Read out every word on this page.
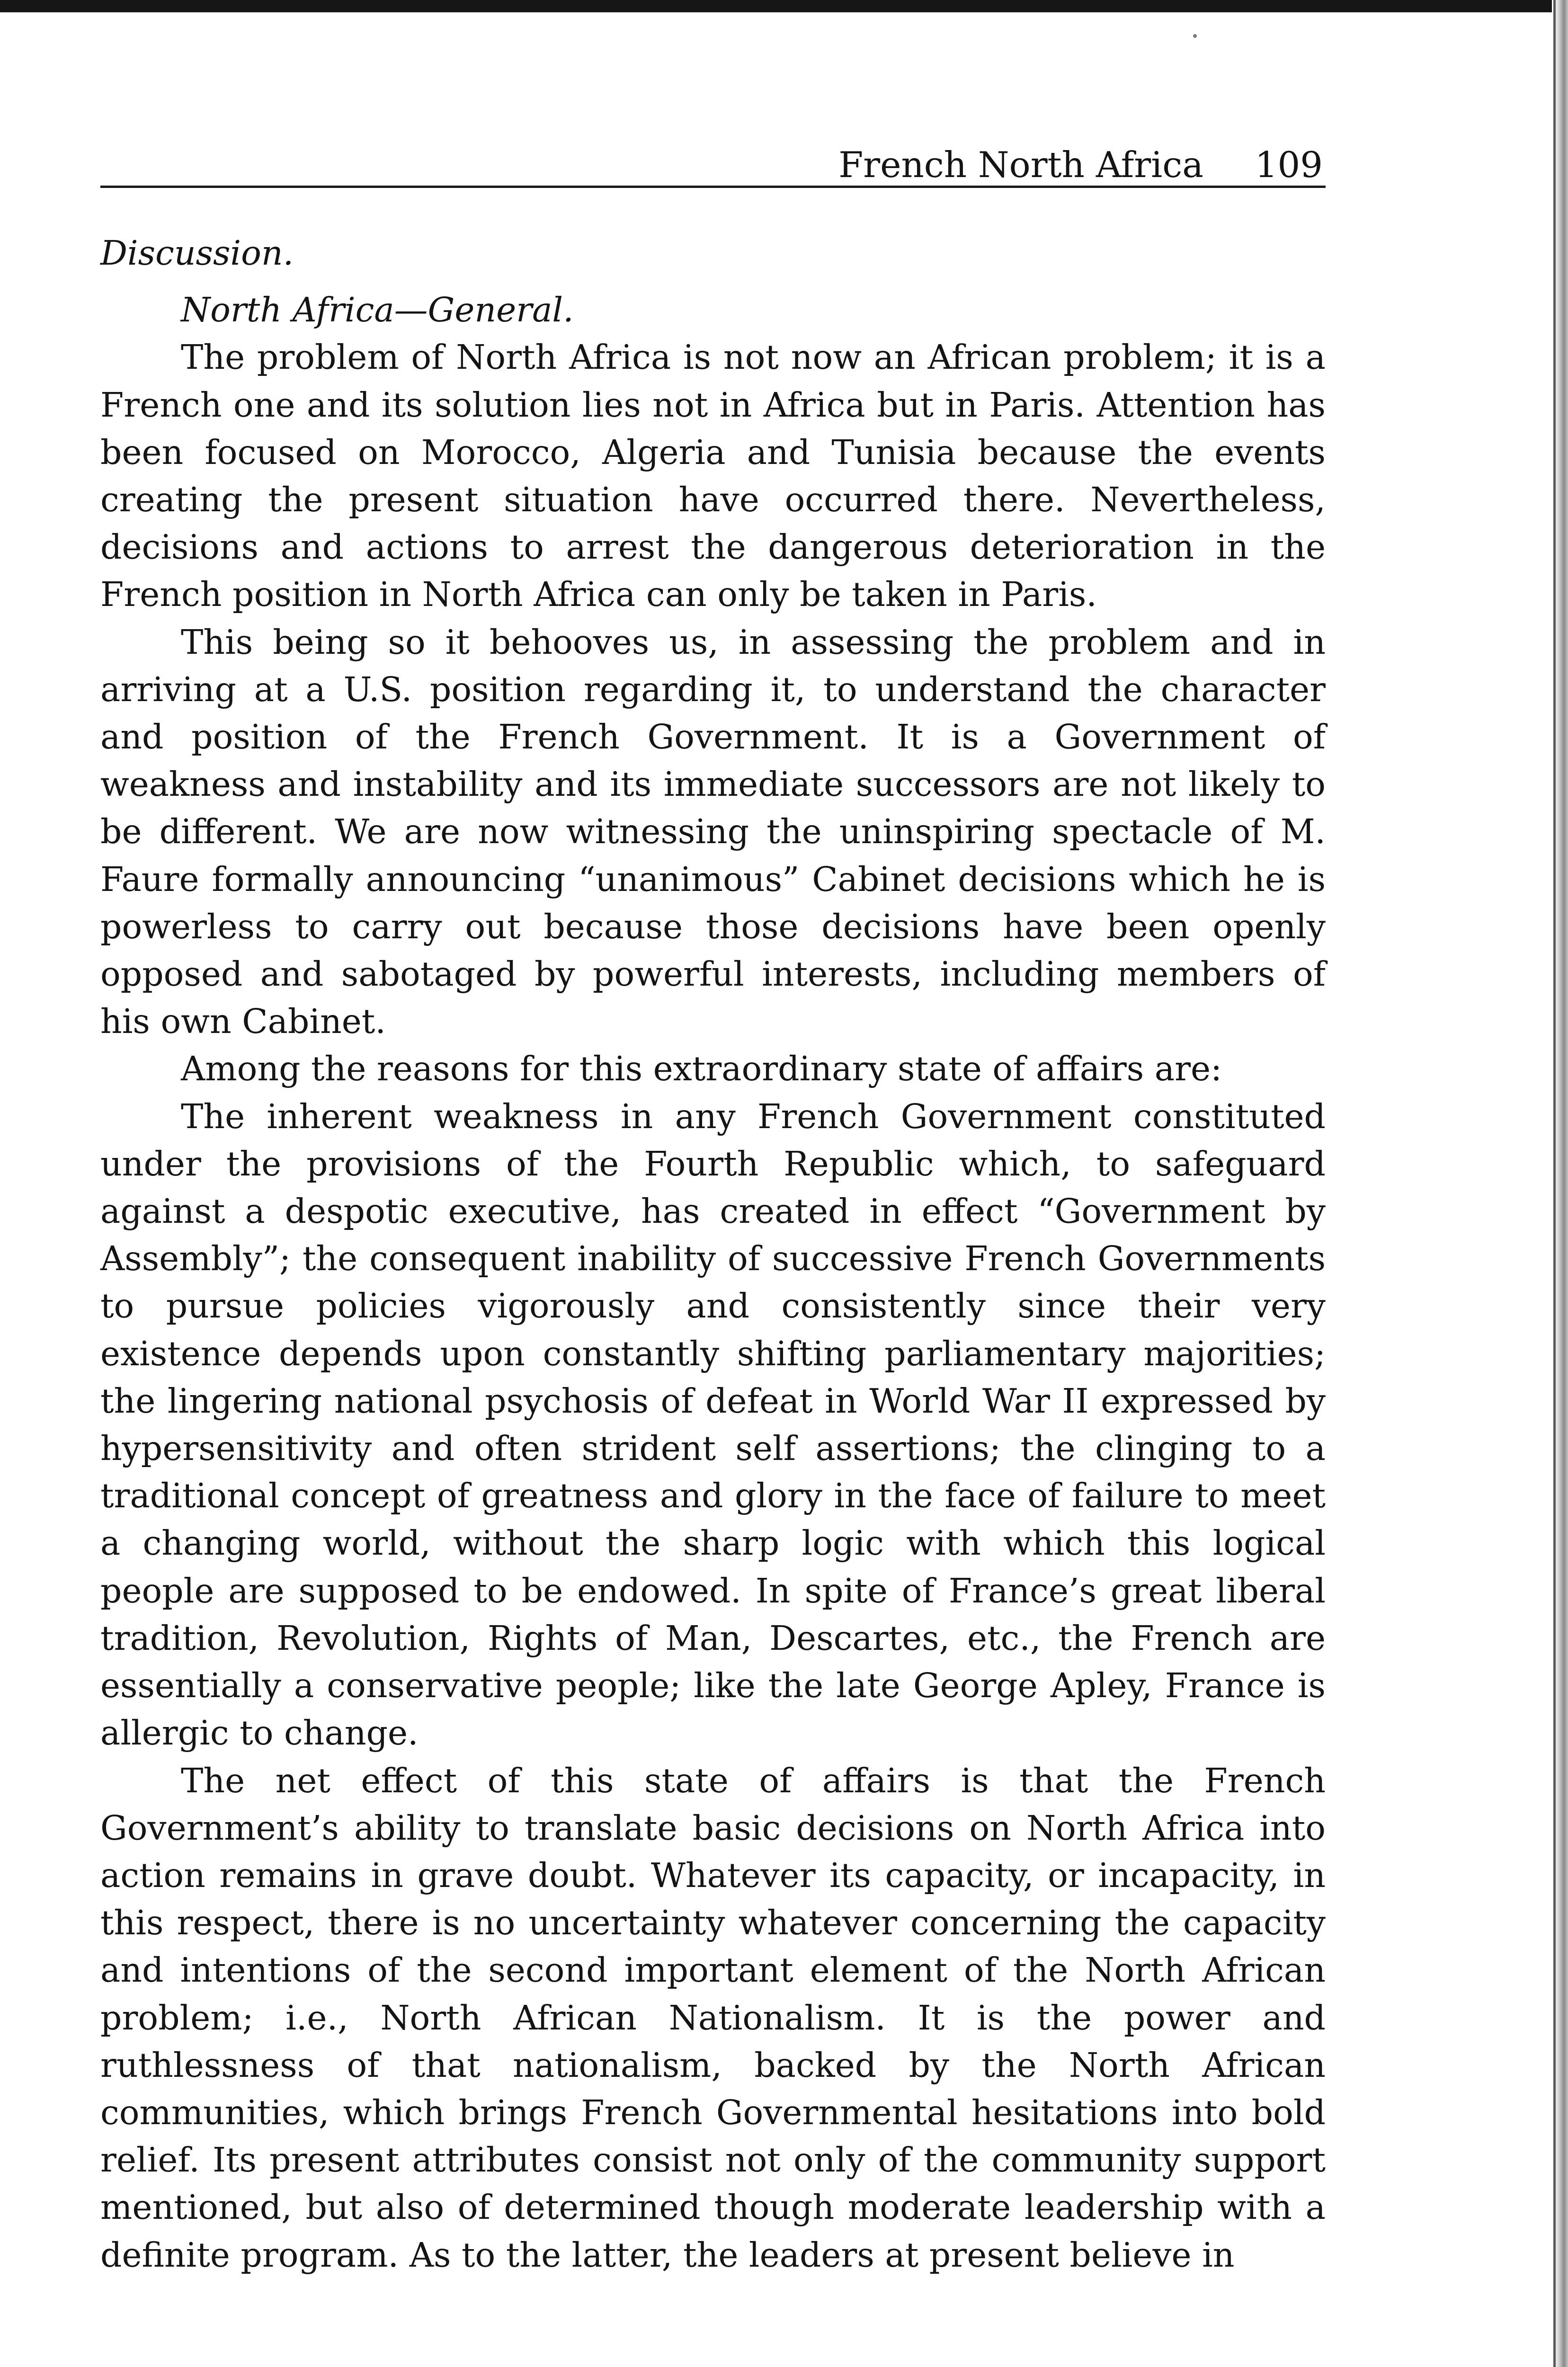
French North Africa 109
Discussion.
North Africa—General.

The problem of North Africa is not now an African problem; it is a French one and its solution lies not in Africa but in Paris. Attention has been focused on Morocco, Algeria and Tunisia because the events creating the present situation have occurred there. Nevertheless, decisions and actions to arrest the dangerous deterioration in the French position in North Africa can only be taken in Paris.

This being so it behooves us, in assessing the problem and in arriving at a U.S. position regarding it, to understand the character and position of the French Government. It is a Government of weakness and instability and its immediate successors are not likely to be different. We are now witnessing the uninspiring spectacle of M. Faure formally announcing “unanimous” Cabinet decisions which he is powerless to carry out because those decisions have been openly opposed and sabotaged by powerful interests, including members of his own Cabinet.

Among the reasons for this extraordinary state of affairs are:

The inherent weakness in any French Government constituted under the provisions of the Fourth Republic which, to safeguard against a despotic executive, has created in effect “Government by Assembly”; the consequent inability of successive French Governments to pursue policies vigorously and consistently since their very existence depends upon constantly shifting parliamentary majorities; the lingering national psychosis of defeat in World War II expressed by hypersensitivity and often strident self assertions; the clinging to a traditional concept of greatness and glory in the face of failure to meet a changing world, without the sharp logic with which this logical people are supposed to be endowed. In spite of France’s great liberal tradition, Revolution, Rights of Man, Descartes, etc., the French are essentially a conservative people; like the late George Apley, France is allergic to change.

The net effect of this state of affairs is that the French Government’s ability to translate basic decisions on North Africa into action remains in grave doubt. Whatever its capacity, or incapacity, in this respect, there is no uncertainty whatever concerning the capacity and intentions of the second important element of the North African problem; i.e., North African Nationalism. It is the power and ruthlessness of that nationalism, backed by the North African communities, which brings French Governmental hesitations into bold relief. Its present attributes consist not only of the community support mentioned, but also of determined though moderate leadership with a definite program. As to the latter, the leaders at present believe in
